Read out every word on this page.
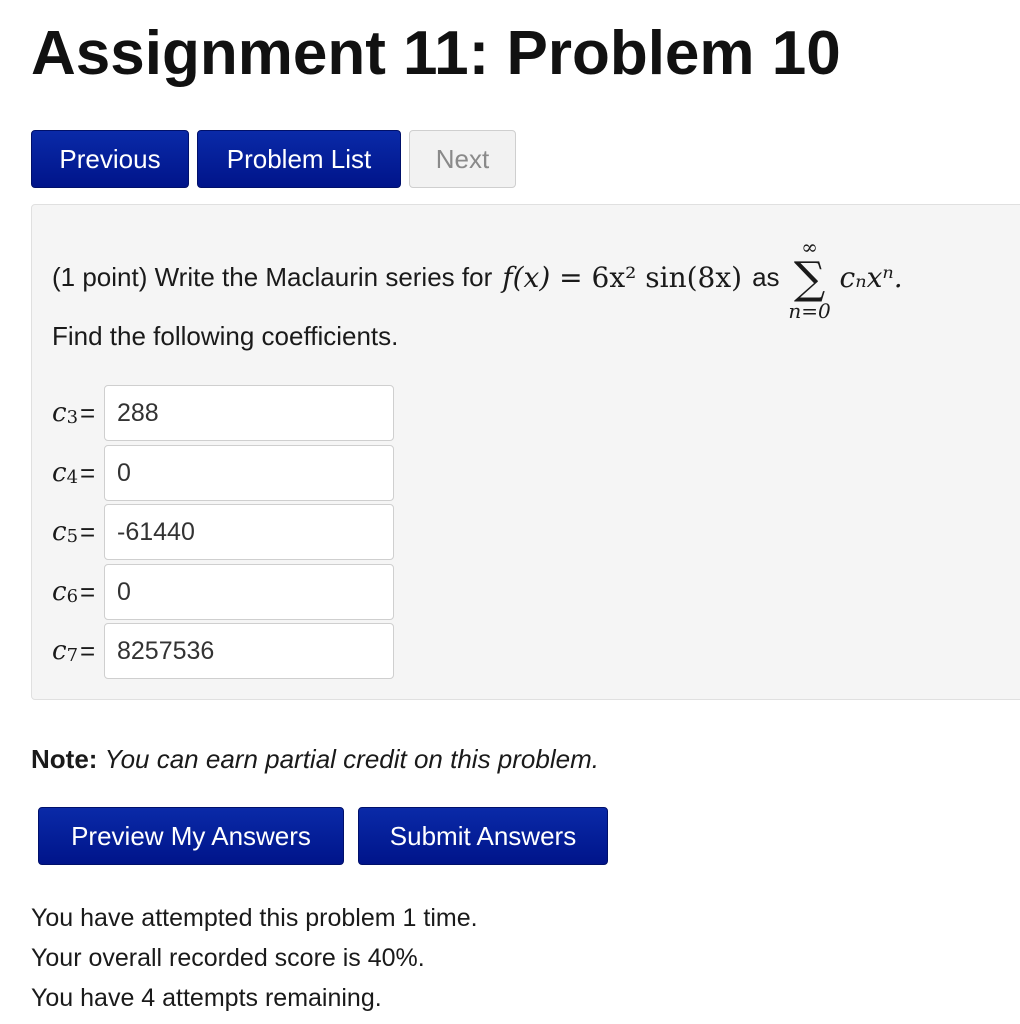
Assignment 11: Problem 10
Previous	Problem List	Next
(1 point) Write the Maclaurin series for f(x) = 6x² sin(8x) as
∞
∑
n=0
cₙxⁿ.
Find the following coefficients.
$c_3$ =
288
$c_4$ =
0
$c_5$ =
-61440
$c_6$ =
0
$c_7$ =
8257536
Note: You can earn partial credit on this problem.
Preview My Answers	Submit Answers
You have attempted this problem 1 time.
Your overall recorded score is 40%.
You have 4 attempts remaining.
